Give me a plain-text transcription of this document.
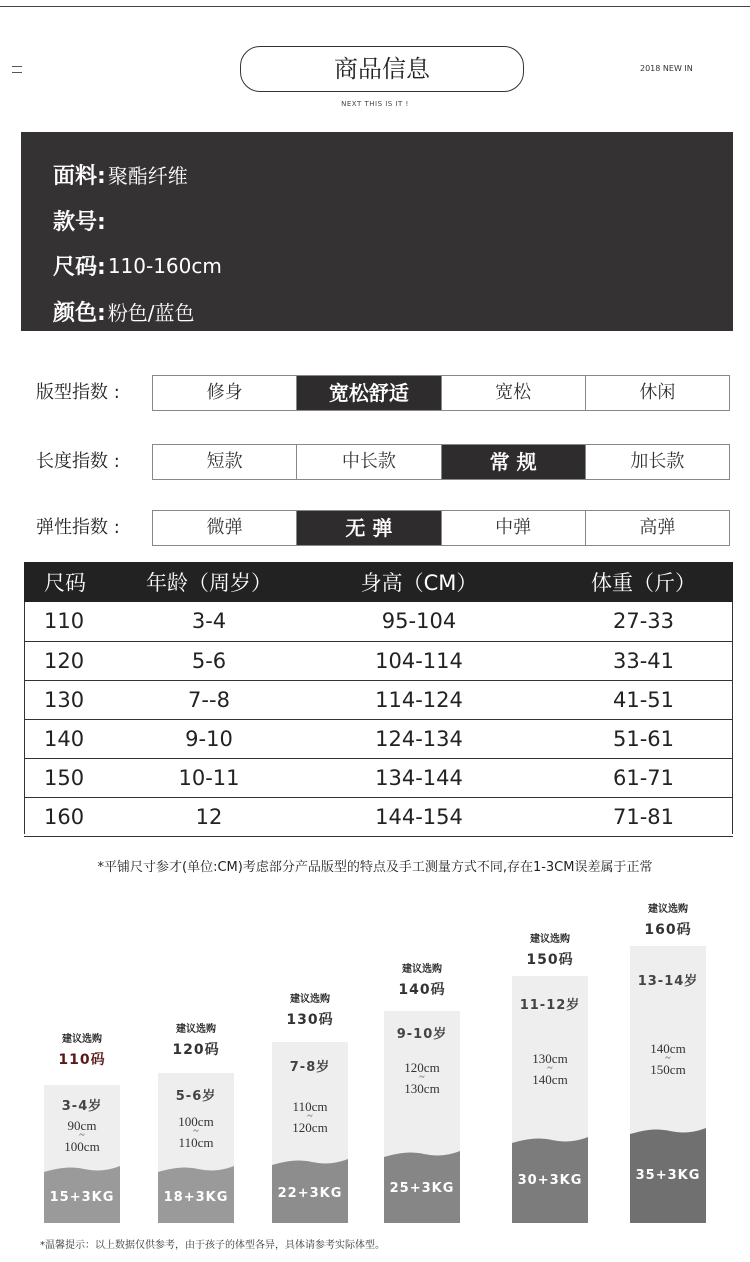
商品信息
NEXT THIS IS IT !
2018 NEW IN
面料: 聚酯纤维
款号:
尺码: 110-160cm
颜色: 粉色/蓝色
版型指数 :	修身	宽松舒适	宽松	休闲
长度指数 :	短款	中长款	常 规	加长款
弹性指数 :	微弹	无 弹	中弹	高弹
尺码	年龄（周岁）	身高（CM）	体重（斤）
110	3-4	95-104	27-33
120	5-6	104-114	33-41
130	7--8	114-124	41-51
140	9-10	124-134	51-61
150	10-11	134-144	61-71
160	12	144-154	71-81
*平铺尺寸参才(单位:CM)考虑部分产品版型的特点及手工测量方式不同,存在1-3CM误差属于正常
建议选购
110码
3-4岁
90cm
~
100cm
15+3KG
建议选购
120码
5-6岁
100cm
~
110cm
18+3KG
建议选购
130码
7-8岁
110cm
~
120cm
22+3KG
建议选购
140码
9-10岁
120cm
~
130cm
25+3KG
建议选购
150码
11-12岁
130cm
~
140cm
30+3KG
建议选购
160码
13-14岁
140cm
~
150cm
35+3KG
*温馨提示：以上数据仅供参考，由于孩子的体型各异，具体请参考实际体型。
